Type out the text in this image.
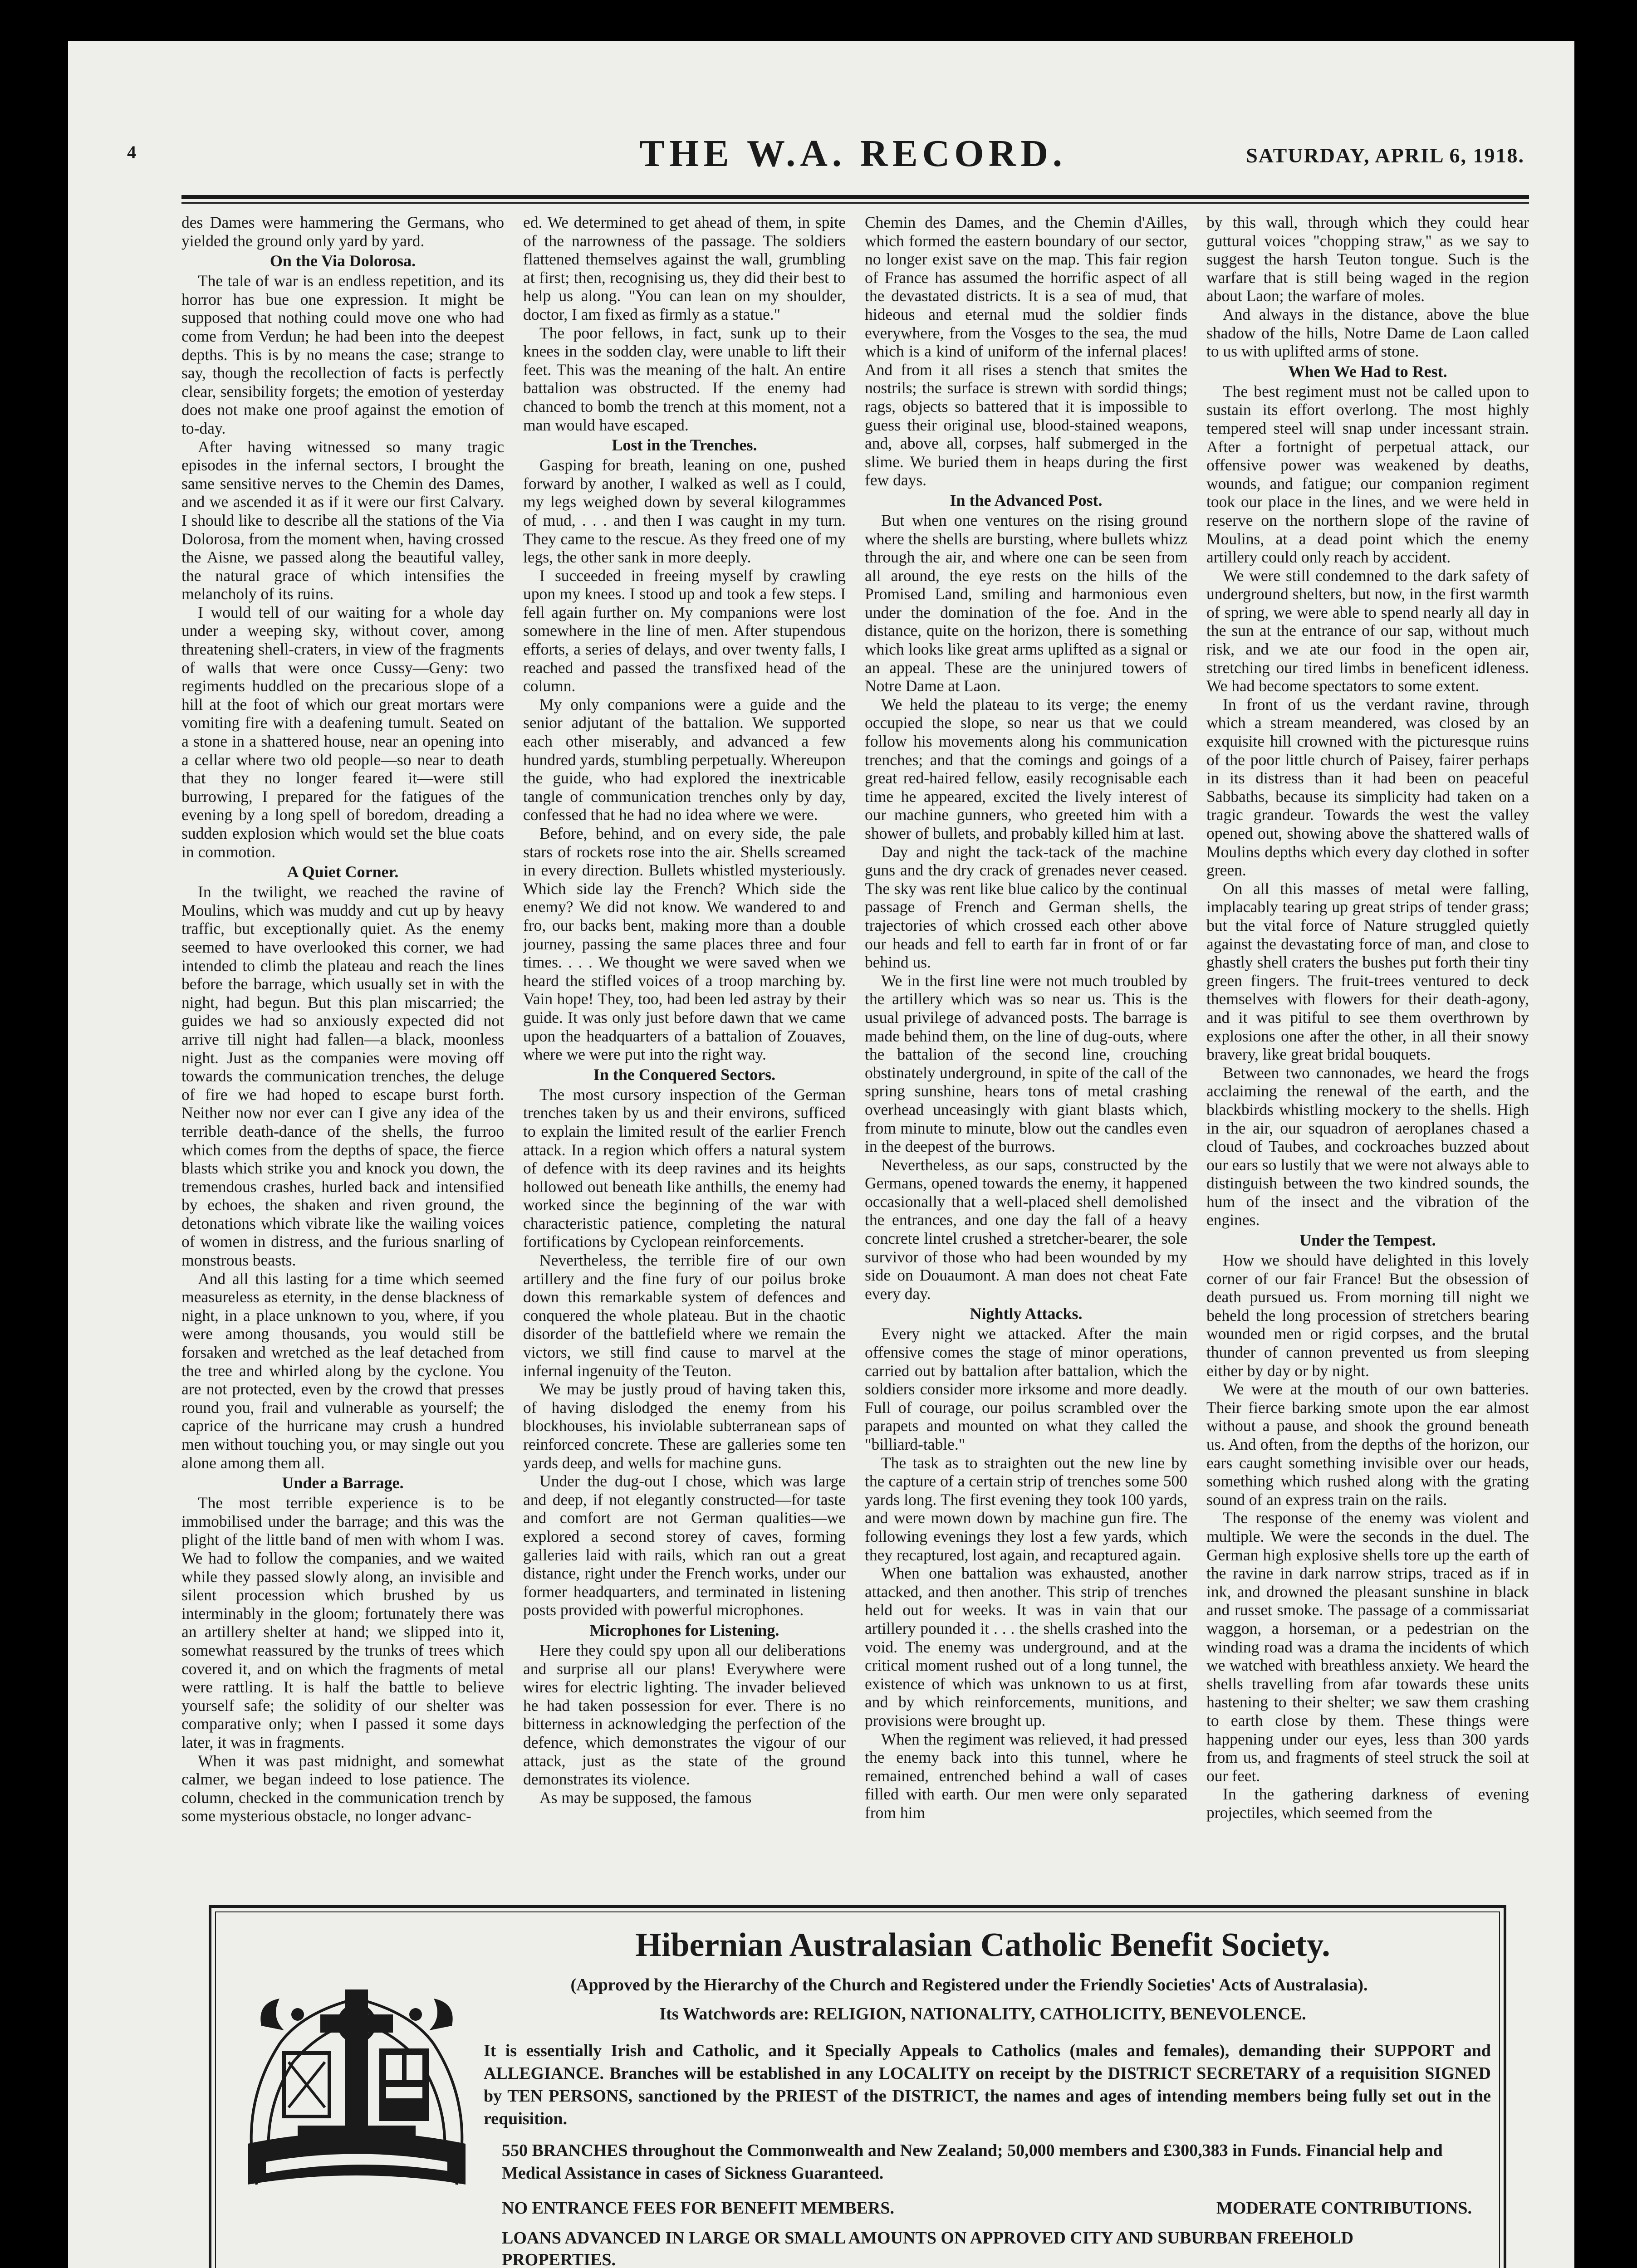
4	THE W.A. RECORD.	SATURDAY, APRIL 6, 1918.

des Dames were hammering the Germans, who yielded the ground only yard by yard.

On the Via Dolorosa.

The tale of war is an endless repetition, and its horror has bue one expression. It might be supposed that nothing could move one who had come from Verdun; he had been into the deepest depths. This is by no means the case; strange to say, though the recollection of facts is perfectly clear, sensibility forgets; the emotion of yesterday does not make one proof against the emotion of to-day.

After having witnessed so many tragic episodes in the infernal sectors, I brought the same sensitive nerves to the Chemin des Dames, and we ascended it as if it were our first Calvary. I should like to describe all the stations of the Via Dolorosa, from the moment when, having crossed the Aisne, we passed along the beautiful valley, the natural grace of which intensifies the melancholy of its ruins.

I would tell of our waiting for a whole day under a weeping sky, without cover, among threatening shell-craters, in view of the fragments of walls that were once Cussy—Geny: two regiments huddled on the precarious slope of a hill at the foot of which our great mortars were vomiting fire with a deafening tumult. Seated on a stone in a shattered house, near an opening into a cellar where two old people—so near to death that they no longer feared it—were still burrowing, I prepared for the fatigues of the evening by a long spell of boredom, dreading a sudden explosion which would set the blue coats in commotion.

A Quiet Corner.

In the twilight, we reached the ravine of Moulins, which was muddy and cut up by heavy traffic, but exceptionally quiet. As the enemy seemed to have overlooked this corner, we had intended to climb the plateau and reach the lines before the barrage, which usually set in with the night, had begun. But this plan miscarried; the guides we had so anxiously expected did not arrive till night had fallen—a black, moonless night. Just as the companies were moving off towards the communication trenches, the deluge of fire we had hoped to escape burst forth. Neither now nor ever can I give any idea of the terrible death-dance of the shells, the furroo which comes from the depths of space, the fierce blasts which strike you and knock you down, the tremendous crashes, hurled back and intensified by echoes, the shaken and riven ground, the detonations which vibrate like the wailing voices of women in distress, and the furious snarling of monstrous beasts.

And all this lasting for a time which seemed measureless as eternity, in the dense blackness of night, in a place unknown to you, where, if you were among thousands, you would still be forsaken and wretched as the leaf detached from the tree and whirled along by the cyclone. You are not protected, even by the crowd that presses round you, frail and vulnerable as yourself; the caprice of the hurricane may crush a hundred men without touching you, or may single out you alone among them all.

Under a Barrage.

The most terrible experience is to be immobilised under the barrage; and this was the plight of the little band of men with whom I was. We had to follow the companies, and we waited while they passed slowly along, an invisible and silent procession which brushed by us interminably in the gloom; fortunately there was an artillery shelter at hand; we slipped into it, somewhat reassured by the trunks of trees which covered it, and on which the fragments of metal were rattling. It is half the battle to believe yourself safe; the solidity of our shelter was comparative only; when I passed it some days later, it was in fragments.

When it was past midnight, and somewhat calmer, we began indeed to lose patience. The column, checked in the communication trench by some mysterious obstacle, no longer advanc-

ed. We determined to get ahead of them, in spite of the narrowness of the passage. The soldiers flattened themselves against the wall, grumbling at first; then, recognising us, they did their best to help us along. "You can lean on my shoulder, doctor, I am fixed as firmly as a statue."

The poor fellows, in fact, sunk up to their knees in the sodden clay, were unable to lift their feet. This was the meaning of the halt. An entire battalion was obstructed. If the enemy had chanced to bomb the trench at this moment, not a man would have escaped.

Lost in the Trenches.

Gasping for breath, leaning on one, pushed forward by another, I walked as well as I could, my legs weighed down by several kilogrammes of mud, . . . and then I was caught in my turn. They came to the rescue. As they freed one of my legs, the other sank in more deeply.

I succeeded in freeing myself by crawling upon my knees. I stood up and took a few steps. I fell again further on. My companions were lost somewhere in the line of men. After stupendous efforts, a series of delays, and over twenty falls, I reached and passed the transfixed head of the column.

My only companions were a guide and the senior adjutant of the battalion. We supported each other miserably, and advanced a few hundred yards, stumbling perpetually. Whereupon the guide, who had explored the inextricable tangle of communication trenches only by day, confessed that he had no idea where we were.

Before, behind, and on every side, the pale stars of rockets rose into the air. Shells screamed in every direction. Bullets whistled mysteriously. Which side lay the French? Which side the enemy? We did not know. We wandered to and fro, our backs bent, making more than a double journey, passing the same places three and four times. . . . We thought we were saved when we heard the stifled voices of a troop marching by. Vain hope! They, too, had been led astray by their guide. It was only just before dawn that we came upon the headquarters of a battalion of Zouaves, where we were put into the right way.

In the Conquered Sectors.

The most cursory inspection of the German trenches taken by us and their environs, sufficed to explain the limited result of the earlier French attack. In a region which offers a natural system of defence with its deep ravines and its heights hollowed out beneath like anthills, the enemy had worked since the beginning of the war with characteristic patience, completing the natural fortifications by Cyclopean reinforcements.

Nevertheless, the terrible fire of our own artillery and the fine fury of our poilus broke down this remarkable system of defences and conquered the whole plateau. But in the chaotic disorder of the battlefield where we remain the victors, we still find cause to marvel at the infernal ingenuity of the Teuton.

We may be justly proud of having taken this, of having dislodged the enemy from his blockhouses, his inviolable subterranean saps of reinforced concrete. These are galleries some ten yards deep, and wells for machine guns.

Under the dug-out I chose, which was large and deep, if not elegantly constructed—for taste and comfort are not German qualities—we explored a second storey of caves, forming galleries laid with rails, which ran out a great distance, right under the French works, under our former headquarters, and terminated in listening posts provided with powerful microphones.

Microphones for Listening.

Here they could spy upon all our deliberations and surprise all our plans! Everywhere were wires for electric lighting. The invader believed he had taken possession for ever. There is no bitterness in acknowledging the perfection of the defence, which demonstrates the vigour of our attack, just as the state of the ground demonstrates its violence.

As may be supposed, the famous

Chemin des Dames, and the Chemin d'Ailles, which formed the eastern boundary of our sector, no longer exist save on the map. This fair region of France has assumed the horrific aspect of all the devastated districts. It is a sea of mud, that hideous and eternal mud the soldier finds everywhere, from the Vosges to the sea, the mud which is a kind of uniform of the infernal places! And from it all rises a stench that smites the nostrils; the surface is strewn with sordid things; rags, objects so battered that it is impossible to guess their original use, blood-stained weapons, and, above all, corpses, half submerged in the slime. We buried them in heaps during the first few days.

In the Advanced Post.

But when one ventures on the rising ground where the shells are bursting, where bullets whizz through the air, and where one can be seen from all around, the eye rests on the hills of the Promised Land, smiling and harmonious even under the domination of the foe. And in the distance, quite on the horizon, there is something which looks like great arms uplifted as a signal or an appeal. These are the uninjured towers of Notre Dame at Laon.

We held the plateau to its verge; the enemy occupied the slope, so near us that we could follow his movements along his communication trenches; and that the comings and goings of a great red-haired fellow, easily recognisable each time he appeared, excited the lively interest of our machine gunners, who greeted him with a shower of bullets, and probably killed him at last.

Day and night the tack-tack of the machine guns and the dry crack of grenades never ceased. The sky was rent like blue calico by the continual passage of French and German shells, the trajectories of which crossed each other above our heads and fell to earth far in front of or far behind us.

We in the first line were not much troubled by the artillery which was so near us. This is the usual privilege of advanced posts. The barrage is made behind them, on the line of dug-outs, where the battalion of the second line, crouching obstinately underground, in spite of the call of the spring sunshine, hears tons of metal crashing overhead unceasingly with giant blasts which, from minute to minute, blow out the candles even in the deepest of the burrows.

Nevertheless, as our saps, constructed by the Germans, opened towards the enemy, it happened occasionally that a well-placed shell demolished the entrances, and one day the fall of a heavy concrete lintel crushed a stretcher-bearer, the sole survivor of those who had been wounded by my side on Douaumont. A man does not cheat Fate every day.

Nightly Attacks.

Every night we attacked. After the main offensive comes the stage of minor operations, carried out by battalion after battalion, which the soldiers consider more irksome and more deadly. Full of courage, our poilus scrambled over the parapets and mounted on what they called the "billiard-table."

The task as to straighten out the new line by the capture of a certain strip of trenches some 500 yards long. The first evening they took 100 yards, and were mown down by machine gun fire. The following evenings they lost a few yards, which they recaptured, lost again, and recaptured again.

When one battalion was exhausted, another attacked, and then another. This strip of trenches held out for weeks. It was in vain that our artillery pounded it . . . the shells crashed into the void. The enemy was underground, and at the critical moment rushed out of a long tunnel, the existence of which was unknown to us at first, and by which reinforcements, munitions, and provisions were brought up.

When the regiment was relieved, it had pressed the enemy back into this tunnel, where he remained, entrenched behind a wall of cases filled with earth. Our men were only separated from him

by this wall, through which they could hear guttural voices "chopping straw," as we say to suggest the harsh Teuton tongue. Such is the warfare that is still being waged in the region about Laon; the warfare of moles.

And always in the distance, above the blue shadow of the hills, Notre Dame de Laon called to us with uplifted arms of stone.

When We Had to Rest.

The best regiment must not be called upon to sustain its effort overlong. The most highly tempered steel will snap under incessant strain. After a fortnight of perpetual attack, our offensive power was weakened by deaths, wounds, and fatigue; our companion regiment took our place in the lines, and we were held in reserve on the northern slope of the ravine of Moulins, at a dead point which the enemy artillery could only reach by accident.

We were still condemned to the dark safety of underground shelters, but now, in the first warmth of spring, we were able to spend nearly all day in the sun at the entrance of our sap, without much risk, and we ate our food in the open air, stretching our tired limbs in beneficent idleness. We had become spectators to some extent.

In front of us the verdant ravine, through which a stream meandered, was closed by an exquisite hill crowned with the picturesque ruins of the poor little church of Paisey, fairer perhaps in its distress than it had been on peaceful Sabbaths, because its simplicity had taken on a tragic grandeur. Towards the west the valley opened out, showing above the shattered walls of Moulins depths which every day clothed in softer green.

On all this masses of metal were falling, implacably tearing up great strips of tender grass; but the vital force of Nature struggled quietly against the devastating force of man, and close to ghastly shell craters the bushes put forth their tiny green fingers. The fruit-trees ventured to deck themselves with flowers for their death-agony, and it was pitiful to see them overthrown by explosions one after the other, in all their snowy bravery, like great bridal bouquets.

Between two cannonades, we heard the frogs acclaiming the renewal of the earth, and the blackbirds whistling mockery to the shells. High in the air, our squadron of aeroplanes chased a cloud of Taubes, and cockroaches buzzed about our ears so lustily that we were not always able to distinguish between the two kindred sounds, the hum of the insect and the vibration of the engines.

Under the Tempest.

How we should have delighted in this lovely corner of our fair France! But the obsession of death pursued us. From morning till night we beheld the long procession of stretchers bearing wounded men or rigid corpses, and the brutal thunder of cannon prevented us from sleeping either by day or by night.

We were at the mouth of our own batteries. Their fierce barking smote upon the ear almost without a pause, and shook the ground beneath us. And often, from the depths of the horizon, our ears caught something invisible over our heads, something which rushed along with the grating sound of an express train on the rails.

The response of the enemy was violent and multiple. We were the seconds in the duel. The German high explosive shells tore up the earth of the ravine in dark narrow strips, traced as if in ink, and drowned the pleasant sunshine in black and russet smoke. The passage of a commissariat waggon, a horseman, or a pedestrian on the winding road was a drama the incidents of which we watched with breathless anxiety. We heard the shells travelling from afar towards these units hastening to their shelter; we saw them crashing to earth close by them. These things were happening under our eyes, less than 300 yards from us, and fragments of steel struck the soil at our feet.

In the gathering darkness of evening projectiles, which seemed from the

Hibernian Australasian Catholic Benefit Society.
(Approved by the Hierarchy of the Church and Registered under the Friendly Societies' Acts of Australasia).
Its Watchwords are: RELIGION, NATIONALITY, CATHOLICITY, BENEVOLENCE.
It is essentially Irish and Catholic, and it Specially Appeals to Catholics (males and females), demanding their SUPPORT and ALLEGIANCE. Branches will be established in any LOCALITY on receipt by the DISTRICT SECRETARY of a requisition SIGNED by TEN PERSONS, sanctioned by the PRIEST of the DISTRICT, the names and ages of intending members being fully set out in the requisition.
550 BRANCHES throughout the Commonwealth and New Zealand; 50,000 members and £300,383 in Funds. Financial help and Medical Assistance in cases of Sickness Guaranteed.
NO ENTRANCE FEES FOR BENEFIT MEMBERS.	MODERATE CONTRIBUTIONS.
LOANS ADVANCED IN LARGE OR SMALL AMOUNTS ON APPROVED CITY AND SUBURBAN FREEHOLD PROPERTIES.
